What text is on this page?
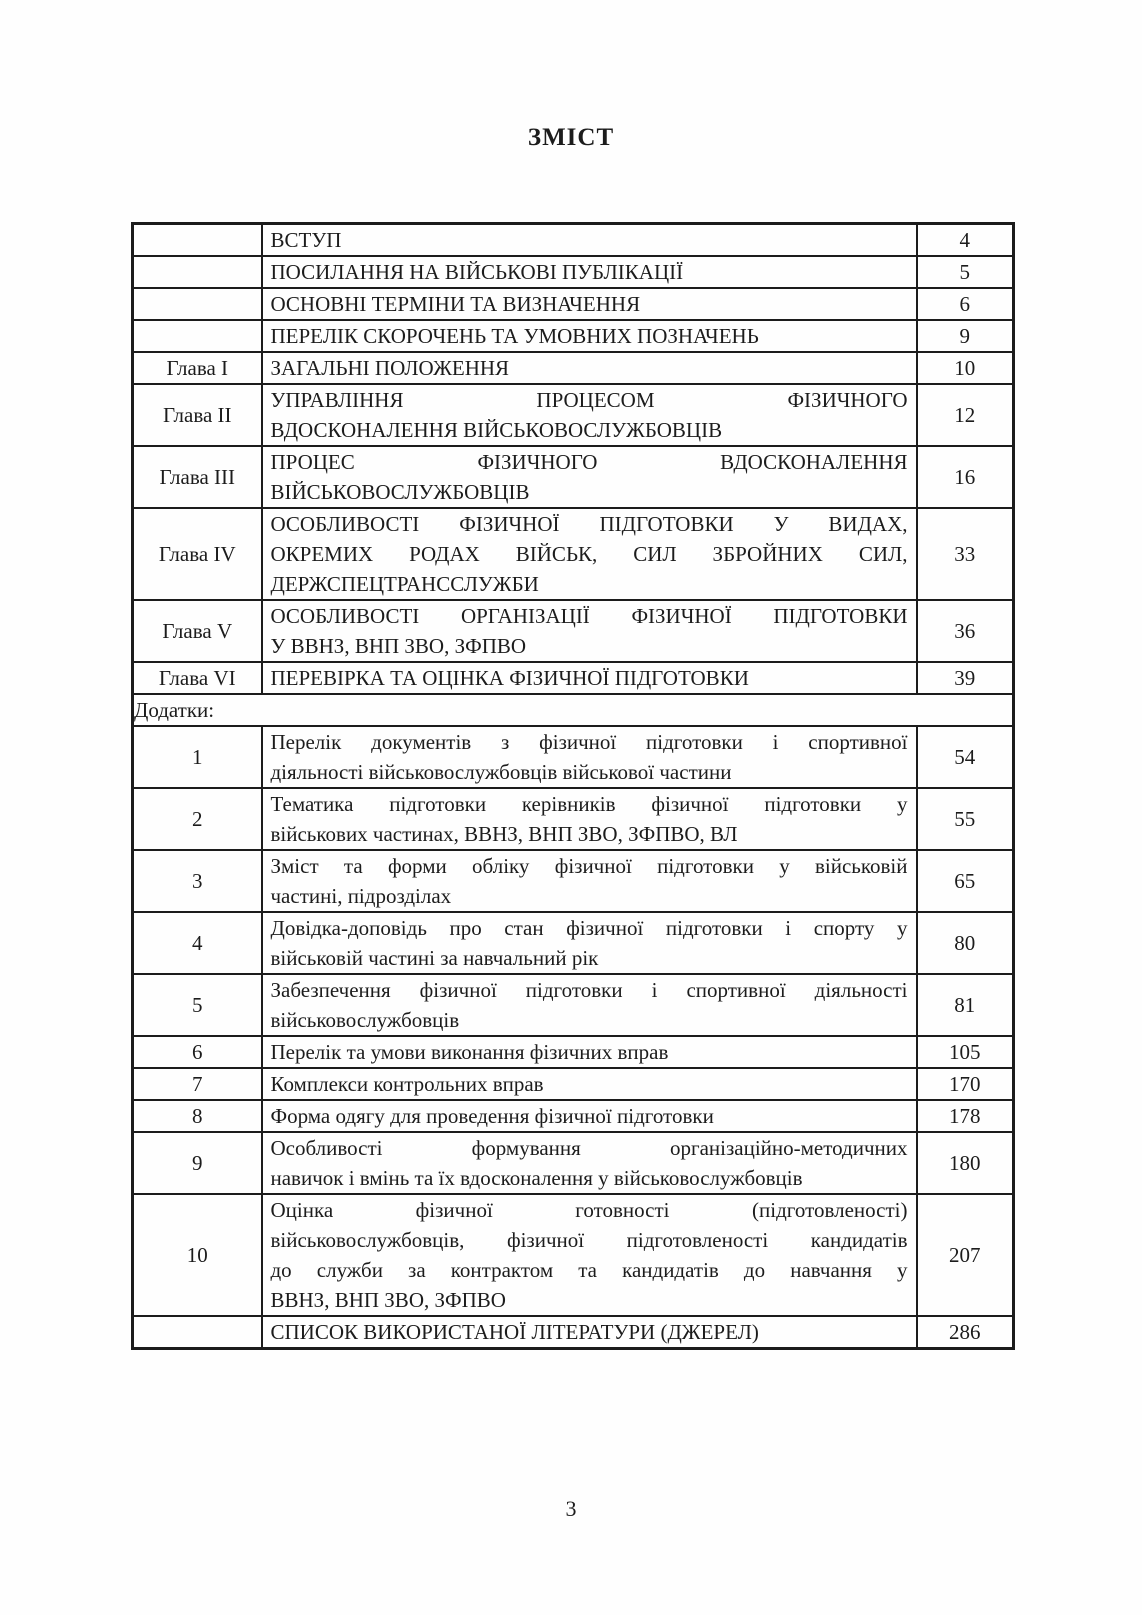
ЗМІСТ

	ВСТУП	4

	ПОСИЛАННЯ НА ВІЙСЬКОВІ ПУБЛІКАЦІЇ	5

	ОСНОВНІ ТЕРМІНИ ТА ВИЗНАЧЕННЯ	6

	ПЕРЕЛІК СКОРОЧЕНЬ ТА УМОВНИХ ПОЗНАЧЕНЬ	9
Глава I	ЗАГАЛЬНІ ПОЛОЖЕННЯ	10
Глава II	УПРАВЛІННЯ ПРОЦЕСОМ ФІЗИЧНОГО
ВДОСКОНАЛЕННЯ ВІЙСЬКОВОСЛУЖБОВЦІВ	12
Глава III	ПРОЦЕС ФІЗИЧНОГО ВДОСКОНАЛЕННЯ
ВІЙСЬКОВОСЛУЖБОВЦІВ	16
Глава IV	ОСОБЛИВОСТІ ФІЗИЧНОЇ ПІДГОТОВКИ У ВИДАХ,
ОКРЕМИХ РОДАХ ВІЙСЬК, СИЛ ЗБРОЙНИХ СИЛ,
ДЕРЖСПЕЦТРАНССЛУЖБИ	33
Глава V	ОСОБЛИВОСТІ ОРГАНІЗАЦІЇ ФІЗИЧНОЇ ПІДГОТОВКИ
У ВВНЗ, ВНП ЗВО, ЗФПВО	36
Глава VI	ПЕРЕВІРКА ТА ОЦІНКА ФІЗИЧНОЇ ПІДГОТОВКИ	39
Додатки:		
1	Перелік документів з фізичної підготовки і спортивної
діяльності військовослужбовців військової частини	54
2	Тематика підготовки керівників фізичної підготовки у
військових частинах, ВВНЗ, ВНП ЗВО, ЗФПВО, ВЛ	55
3	Зміст та форми обліку фізичної підготовки у військовій
частині, підрозділах	65
4	Довідка-доповідь про стан фізичної підготовки і спорту у
військовій частині за навчальний рік	80
5	Забезпечення фізичної підготовки і спортивної діяльності
військовослужбовців	81
6	Перелік та умови виконання фізичних вправ	105
7	Комплекси контрольних вправ	170
8	Форма одягу для проведення фізичної підготовки	178
9	Особливості формування організаційно-методичних
навичок і вмінь та їх вдосконалення у військовослужбовців	180
10	Оцінка фізичної готовності (підготовленості)
військовослужбовців, фізичної підготовленості кандидатів
до служби за контрактом та кандидатів до навчання у
ВВНЗ, ВНП ЗВО, ЗФПВО	207

	СПИСОК ВИКОРИСТАНОЇ ЛІТЕРАТУРИ (ДЖЕРЕЛ)	286
3
